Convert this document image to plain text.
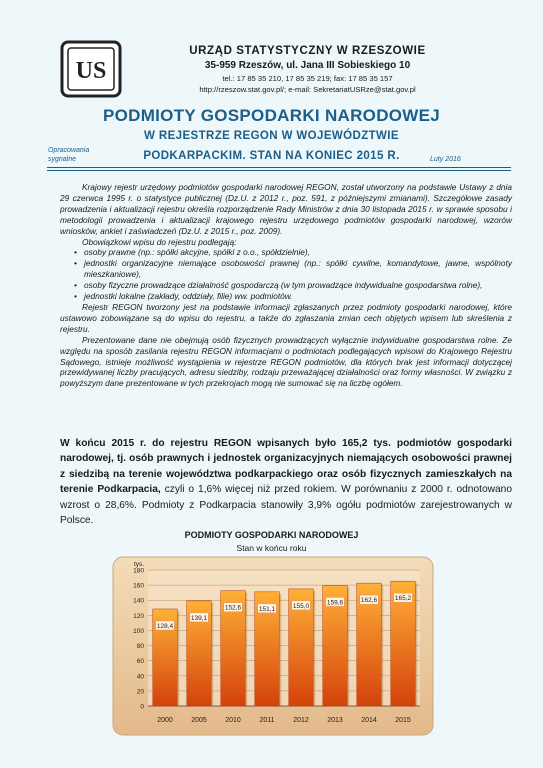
US
URZĄD STATYSTYCZNY W RZESZOWIE
35-959 Rzeszów, ul. Jana III Sobieskiego 10
tel.: 17 85 35 210, 17 85 35 219; fax: 17 85 35 157
http://rzeszow.stat.gov.pl/; e-mail: SekretariatUSRze@stat.gov.pl
PODMIOTY GOSPODARKI NARODOWEJ
W REJESTRZE REGON W WOJEWÓDZTWIE
PODKARPACKIM. STAN NA KONIEC 2015 R.
Opracowania
sygnalne	Luty 2016

Krajowy rejestr urzędowy podmiotów gospodarki narodowej REGON, został utworzony na podstawie Ustawy z dnia 29 czerwca 1995 r. o statystyce publicznej (Dz.U. z 2012 r., poz. 591, z późniejszymi zmianami). Szczegółowe zasady prowadzenia i aktualizacji rejestru określa rozporządzenie Rady Ministrów z dnia 30 listopada 2015 r. w sprawie sposobu i metodologii prowadzenia i aktualizacji krajowego rejestru urzędowego podmiotów gospodarki narodowej, wzorów wniosków, ankiet i zaświadczeń (Dz.U. z 2015 r., poz. 2009).

Obowiązkowi wpisu do rejestru podlegają:

• osoby prawne (np.: spółki akcyjne, spółki z o.o., spółdzielnie),
• jednostki organizacyjne niemające osobowości prawnej (np.: spółki cywilne, komandytowe, jawne, wspólnoty mieszkaniowe),
• osoby fizyczne prowadzące działalność gospodarczą (w tym prowadzące indywidualne gospodarstwa rolne),
• jednostki lokalne (zakłady, oddziały, filie) ww. podmiotów.

Rejestr REGON tworzony jest na podstawie informacji zgłaszanych przez podmioty gospodarki narodowej, które ustawowo zobowiązane są do wpisu do rejestru, a także do zgłaszania zmian cech objętych wpisem lub skreślenia z rejestru.

Prezentowane dane nie obejmują osób fizycznych prowadzących wyłącznie indywidualne gospodarstwa rolne. Ze względu na sposób zasilania rejestru REGON informacjami o podmiotach podlegających wpisowi do Krajowego Rejestru Sądowego, istnieje możliwość wystąpienia w rejestrze REGON podmiotów, dla których brak jest informacji dotyczącej przewidywanej liczby pracujących, adresu siedziby, rodzaju przeważającej działalności oraz formy własności. W związku z powyższym dane prezentowane w tych przekrojach mogą nie sumować się na liczbę ogółem.

W końcu 2015 r. do rejestru REGON wpisanych było 165,2 tys. podmiotów gospodarki narodowej, tj. osób prawnych i jednostek organizacyjnych niemających osobowości prawnej z siedzibą na terenie województwa podkarpackiego oraz osób fizycznych zamieszkałych na terenie Podkarpacia, czyli o 1,6% więcej niż przed rokiem. W porównaniu z 2000 r. odnotowano wzrost o 28,6%. Podmioty z Podkarpacia stanowiły 3,9% ogółu podmiotów zarejestrowanych w Polsce.

PODMIOTY GOSPODARKI NARODOWEJ
Stan w końcu roku
0
20
40
60
80
100
120
140
160
180
tys.
128,4
2000
139,1
2005
152,6
2010
151,1
2011
155,0
2012
159,6
2013
162,6
2014
165,2
2015
